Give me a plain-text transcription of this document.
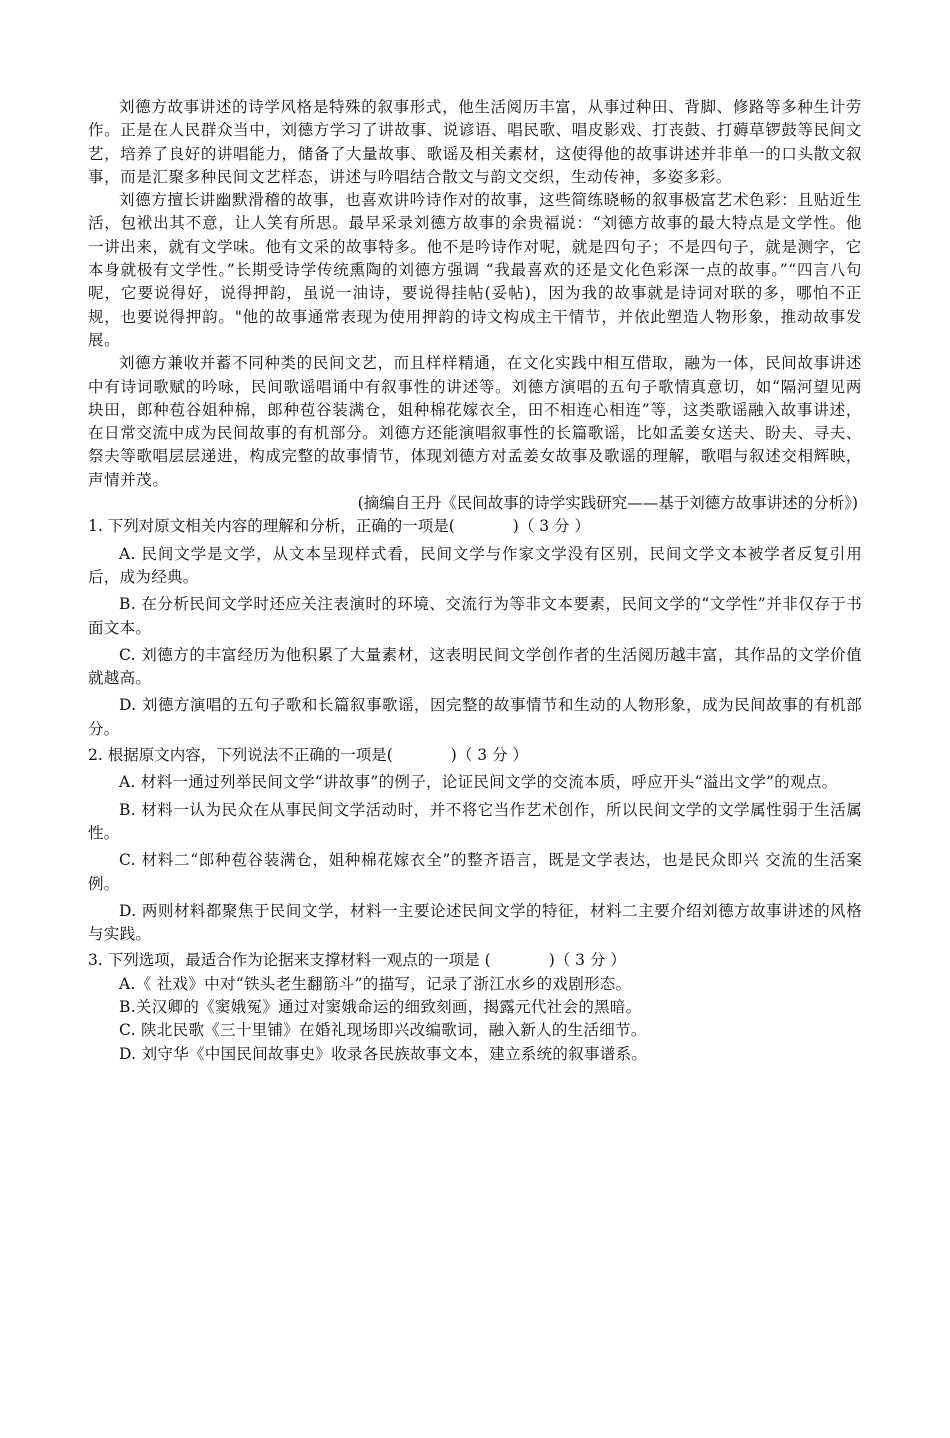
刘德方故事讲述的诗学风格是特殊的叙事形式，他生活阅历丰富，从事过种田、背脚、修路等多种生计劳作。正是在人民群众当中，刘德方学习了讲故事、说谚语、唱民歌、唱皮影戏、打丧鼓、打薅草锣鼓等民间文艺，培养了良好的讲唱能力，储备了大量故事、歌谣及相关素材，这使得他的故事讲述并非单一的口头散文叙事，而是汇聚多种民间文艺样态，讲述与吟唱结合散文与韵文交织，生动传神，多姿多彩。

刘德方擅长讲幽默滑稽的故事，也喜欢讲吟诗作对的故事，这些简练晓畅的叙事极富艺术色彩：且贴近生活，包袱出其不意，让人笑有所思。最早采录刘德方故事的余贵福说：“刘德方故事的最大特点是文学性。他一讲出来，就有文学味。他有文采的故事特多。他不是吟诗作对呢，就是四句子；不是四句子，就是测字，它本身就极有文学性。”长期受诗学传统熏陶的刘德方强调 “我最喜欢的还是文化色彩深一点的故事。”“四言八句呢，它要说得好，说得押韵，虽说一油诗，要说得挂帖(妥帖)，因为我的故事就是诗词对联的多，哪怕不正规，也要说得押韵。"他的故事通常表现为使用押韵的诗文构成主干情节，并依此塑造人物形象，推动故事发展。

刘德方兼收并蓄不同种类的民间文艺，而且样样精通，在文化实践中相互借取，融为一体，民间故事讲述中有诗词歌赋的吟咏，民间歌谣唱诵中有叙事性的讲述等。刘德方演唱的五句子歌情真意切，如“隔河望见两块田，郎种苞谷姐种棉，郎种苞谷装满仓，姐种棉花嫁衣全，田不相连心相连”等，这类歌谣融入故事讲述，在日常交流中成为民间故事的有机部分。刘德方还能演唱叙事性的长篇歌谣，比如孟姜女送夫、盼夫、寻夫、祭夫等歌唱层层递进，构成完整的故事情节，体现刘德方对孟姜女故事及歌谣的理解，歌唱与叙述交相辉映，声情并茂。

(摘编自王丹《民间故事的诗学实践研究——基于刘德方故事讲述的分析》)

1. 下列对原文相关内容的理解和分析，正确的一项是(	)（ 3 分 ）

A. 民间文学是文学，从文本呈现样式看，民间文学与作家文学没有区别，民间文学文本被学者反复引用后，成为经典。

B. 在分析民间文学时还应关注表演时的环境、交流行为等非文本要素，民间文学的“文学性”并非仅存于书面文本。

C. 刘德方的丰富经历为他积累了大量素材，这表明民间文学创作者的生活阅历越丰富，其作品的文学价值就越高。

D. 刘德方演唱的五句子歌和长篇叙事歌谣，因完整的故事情节和生动的人物形象，成为民间故事的有机部分。

2. 根据原文内容，下列说法不正确的一项是(	)（ 3 分 ）

A. 材料一通过列举民间文学“讲故事”的例子，论证民间文学的交流本质，呼应开头“溢出文学”的观点。

B. 材料一认为民众在从事民间文学活动时，并不将它当作艺术创作，所以民间文学的文学属性弱于生活属性。

C. 材料二“郎种苞谷装满仓，姐种棉花嫁衣全”的整齐语言，既是文学表达，也是民众即兴 交流的生活案例。

D. 两则材料都聚焦于民间文学，材料一主要论述民间文学的特征，材料二主要介绍刘德方故事讲述的风格与实践。

3. 下列选项，最适合作为论据来支撑材料一观点的一项是 (	)（ 3 分 ）

A.《 社戏》中对“铁头老生翻筋斗”的描写，记录了浙江水乡的戏剧形态。

B.关汉卿的《窦娥冤》通过对窦娥命运的细致刻画，揭露元代社会的黑暗。

C. 陕北民歌《三十里铺》在婚礼现场即兴改编歌词，融入新人的生活细节。

D. 刘守华《中国民间故事史》收录各民族故事文本，建立系统的叙事谱系。
